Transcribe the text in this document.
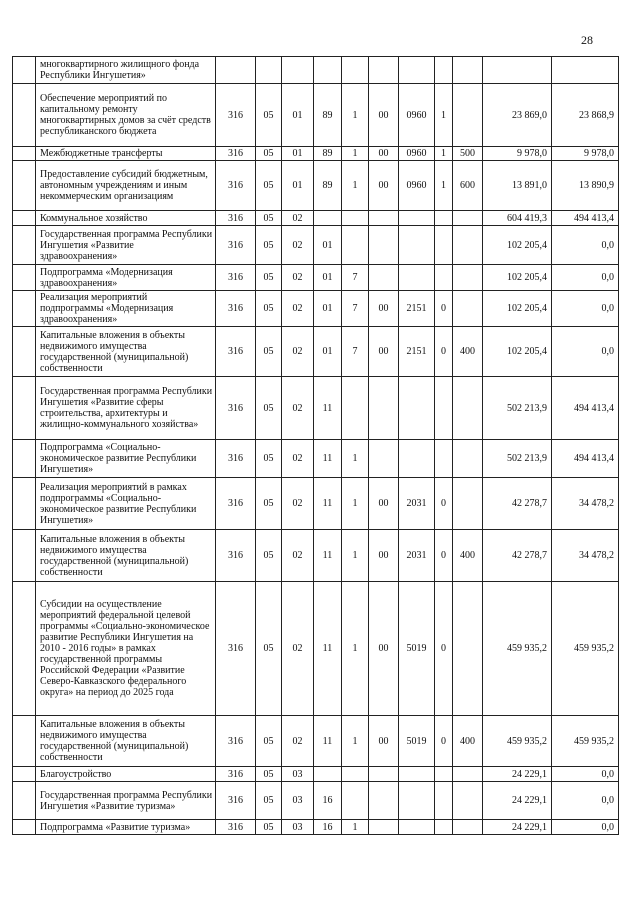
28
	многоквартирного жилищного фонда Республики Ингушетия»											
	Обеспечение мероприятий по капитальному ремонту многоквартирных домов за счёт средств республиканского бюджета	316	05	01	89	1	00	0960	1		23 869,0	23 868,9
	Межбюджетные трансферты	316	05	01	89	1	00	0960	1	500	9 978,0	9 978,0
	Предоставление субсидий бюджетным, автономным учреждениям и иным некоммерческим организациям	316	05	01	89	1	00	0960	1	600	13 891,0	13 890,9
	Коммунальное хозяйство	316	05	02							604 419,3	494 413,4
	Государственная программа Республики Ингушетия «Развитие здравоохранения»	316	05	02	01						102 205,4	0,0
	Подпрограмма «Модернизация здравоохранения»	316	05	02	01	7					102 205,4	0,0
	Реализация мероприятий подпрограммы «Модернизация здравоохранения»	316	05	02	01	7	00	2151	0		102 205,4	0,0
	Капитальные вложения в объекты недвижимого имущества государственной (муниципальной) собственности	316	05	02	01	7	00	2151	0	400	102 205,4	0,0
	Государственная программа Республики Ингушетия «Развитие сферы строительства, архитектуры и жилищно-коммунального хозяйства»	316	05	02	11						502 213,9	494 413,4
	Подпрограмма «Социально-экономическое развитие Республики Ингушетия»	316	05	02	11	1					502 213,9	494 413,4
	Реализация мероприятий в рамках подпрограммы «Социально-экономическое развитие Республики Ингушетия»	316	05	02	11	1	00	2031	0		42 278,7	34 478,2
	Капитальные вложения в объекты недвижимого имущества государственной (муниципальной) собственности	316	05	02	11	1	00	2031	0	400	42 278,7	34 478,2
	Субсидии на осуществление мероприятий федеральной целевой программы «Социально-экономическое развитие Республики Ингушетия на 2010 - 2016 годы» в рамках государственной программы Российской Федерации «Развитие Северо-Кавказского федерального округа» на период до 2025 года	316	05	02	11	1	00	5019	0		459 935,2	459 935,2
	Капитальные вложения в объекты недвижимого имущества государственной (муниципальной) собственности	316	05	02	11	1	00	5019	0	400	459 935,2	459 935,2
	Благоустройство	316	05	03							24 229,1	0,0
	Государственная программа Республики Ингушетия «Развитие туризма»	316	05	03	16						24 229,1	0,0
	Подпрограмма «Развитие туризма»	316	05	03	16	1					24 229,1	0,0
